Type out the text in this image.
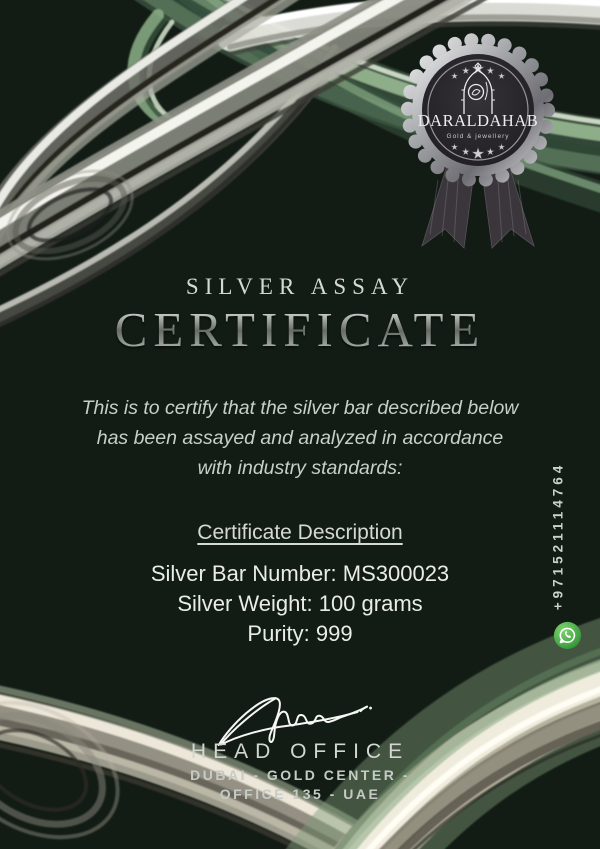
★ ★ ★ ★ ★
DARALDAHAB
Gold & jewellery
★ ★ ★ ★ ★
SILVER ASSAY
CERTIFICATE
This is to certify that the silver bar described below
has been assayed and analyzed in accordance
with industry standards:
Certificate Description
Silver Bar Number: MS300023
Silver Weight: 100 grams
Purity: 999
HEAD OFFICE
DUBAI - GOLD CENTER -
OFFICE 135 - UAE
+971521114764
